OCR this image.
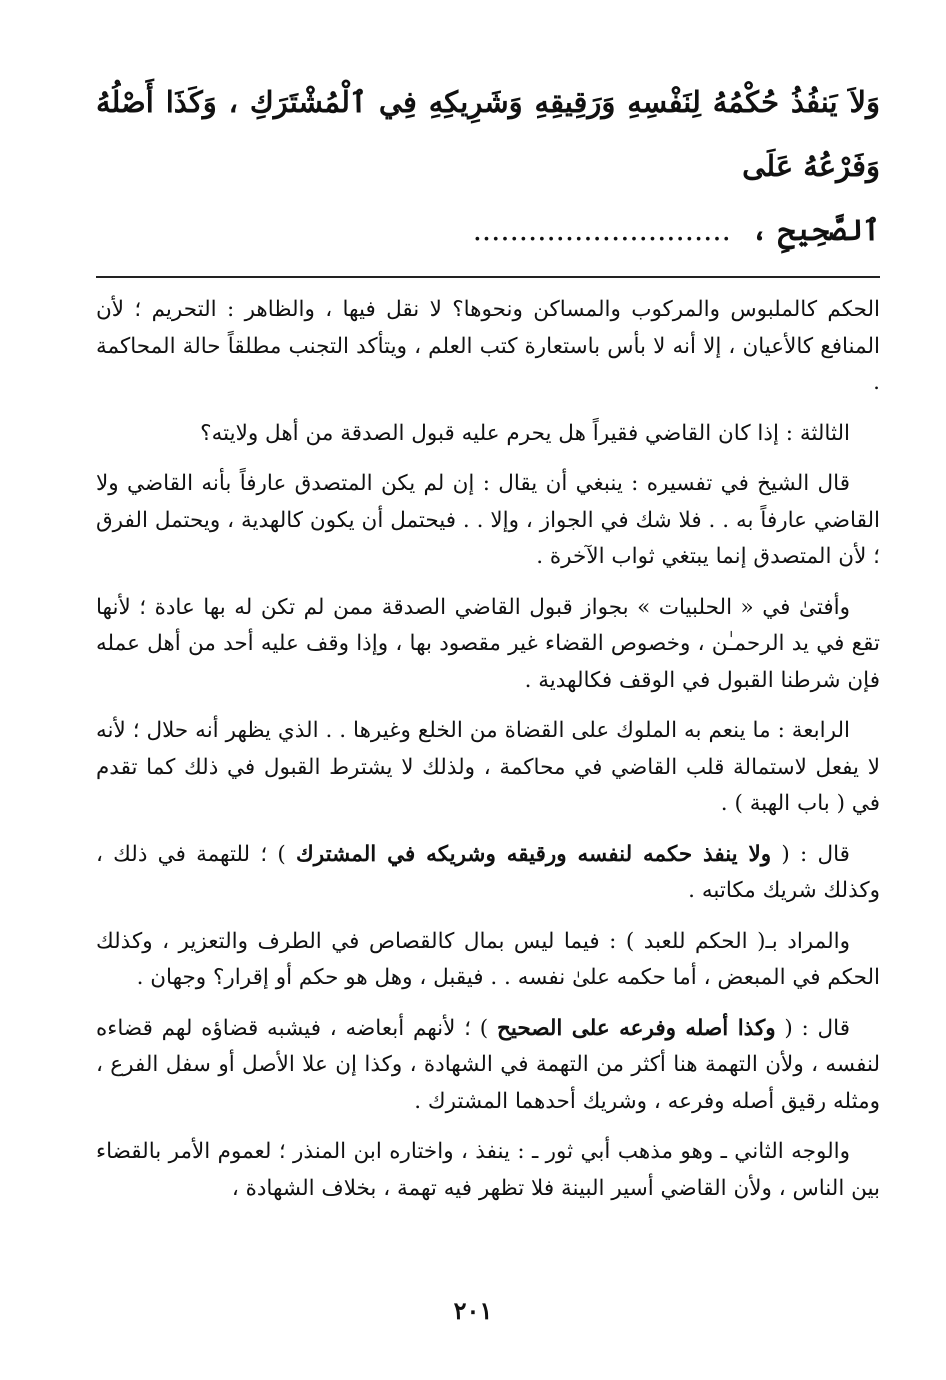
وَلاَ يَنفُذُ حُكْمُهُ لِنَفْسِهِ وَرَقِيقِهِ وَشَرِيكِهِ فِي ٱلْمُشْتَرَكِ ، وَكَذَا أَصْلُهُ وَفَرْعُهُ عَلَى
ٱلصَّحِيحِ ، ............................

الحكم كالملبوس والمركوب والمساكن ونحوها؟ لا نقل فيها ، والظاهر : التحريم ؛ لأن المنافع كالأعيان ، إلا أنه لا بأس باستعارة كتب العلم ، ويتأكد التجنب مطلقاً حالة المحاكمة .

الثالثة : إذا كان القاضي فقيراً هل يحرم عليه قبول الصدقة من أهل ولايته؟

قال الشيخ في تفسيره : ينبغي أن يقال : إن لم يكن المتصدق عارفاً بأنه القاضي ولا القاضي عارفاً به . . فلا شك في الجواز ، وإلا . . فيحتمل أن يكون كالهدية ، ويحتمل الفرق ؛ لأن المتصدق إنما يبتغي ثواب الآخرة .

وأفتىٰ في « الحلبيات » بجواز قبول القاضي الصدقة ممن لم تكن له بها عادة ؛ لأنها تقع في يد الرحمـٰن ، وخصوص القضاء غير مقصود بها ، وإذا وقف عليه أحد من أهل عمله فإن شرطنا القبول في الوقف فكالهدية .

الرابعة : ما ينعم به الملوك على القضاة من الخلع وغيرها . . الذي يظهر أنه حلال ؛ لأنه لا يفعل لاستمالة قلب القاضي في محاكمة ، ولذلك لا يشترط القبول في ذلك كما تقدم في ( باب الهبة ) .

قال : ( ولا ينفذ حكمه لنفسه ورقيقه وشريكه في المشترك ) ؛ للتهمة في ذلك ، وكذلك شريك مكاتبه .

والمراد بـ( الحكم للعبد ) : فيما ليس بمال كالقصاص في الطرف والتعزير ، وكذلك الحكم في المبعض ، أما حكمه علىٰ نفسه . . فيقبل ، وهل هو حكم أو إقرار؟ وجهان .

قال : ( وكذا أصله وفرعه على الصحيح ) ؛ لأنهم أبعاضه ، فيشبه قضاؤه لهم قضاءه لنفسه ، ولأن التهمة هنا أكثر من التهمة في الشهادة ، وكذا إن علا الأصل أو سفل الفرع ، ومثله رقيق أصله وفرعه ، وشريك أحدهما المشترك .

والوجه الثاني ـ وهو مذهب أبي ثور ـ : ينفذ ، واختاره ابن المنذر ؛ لعموم الأمر بالقضاء بين الناس ، ولأن القاضي أسير البينة فلا تظهر فيه تهمة ، بخلاف الشهادة ،

٢٠١
